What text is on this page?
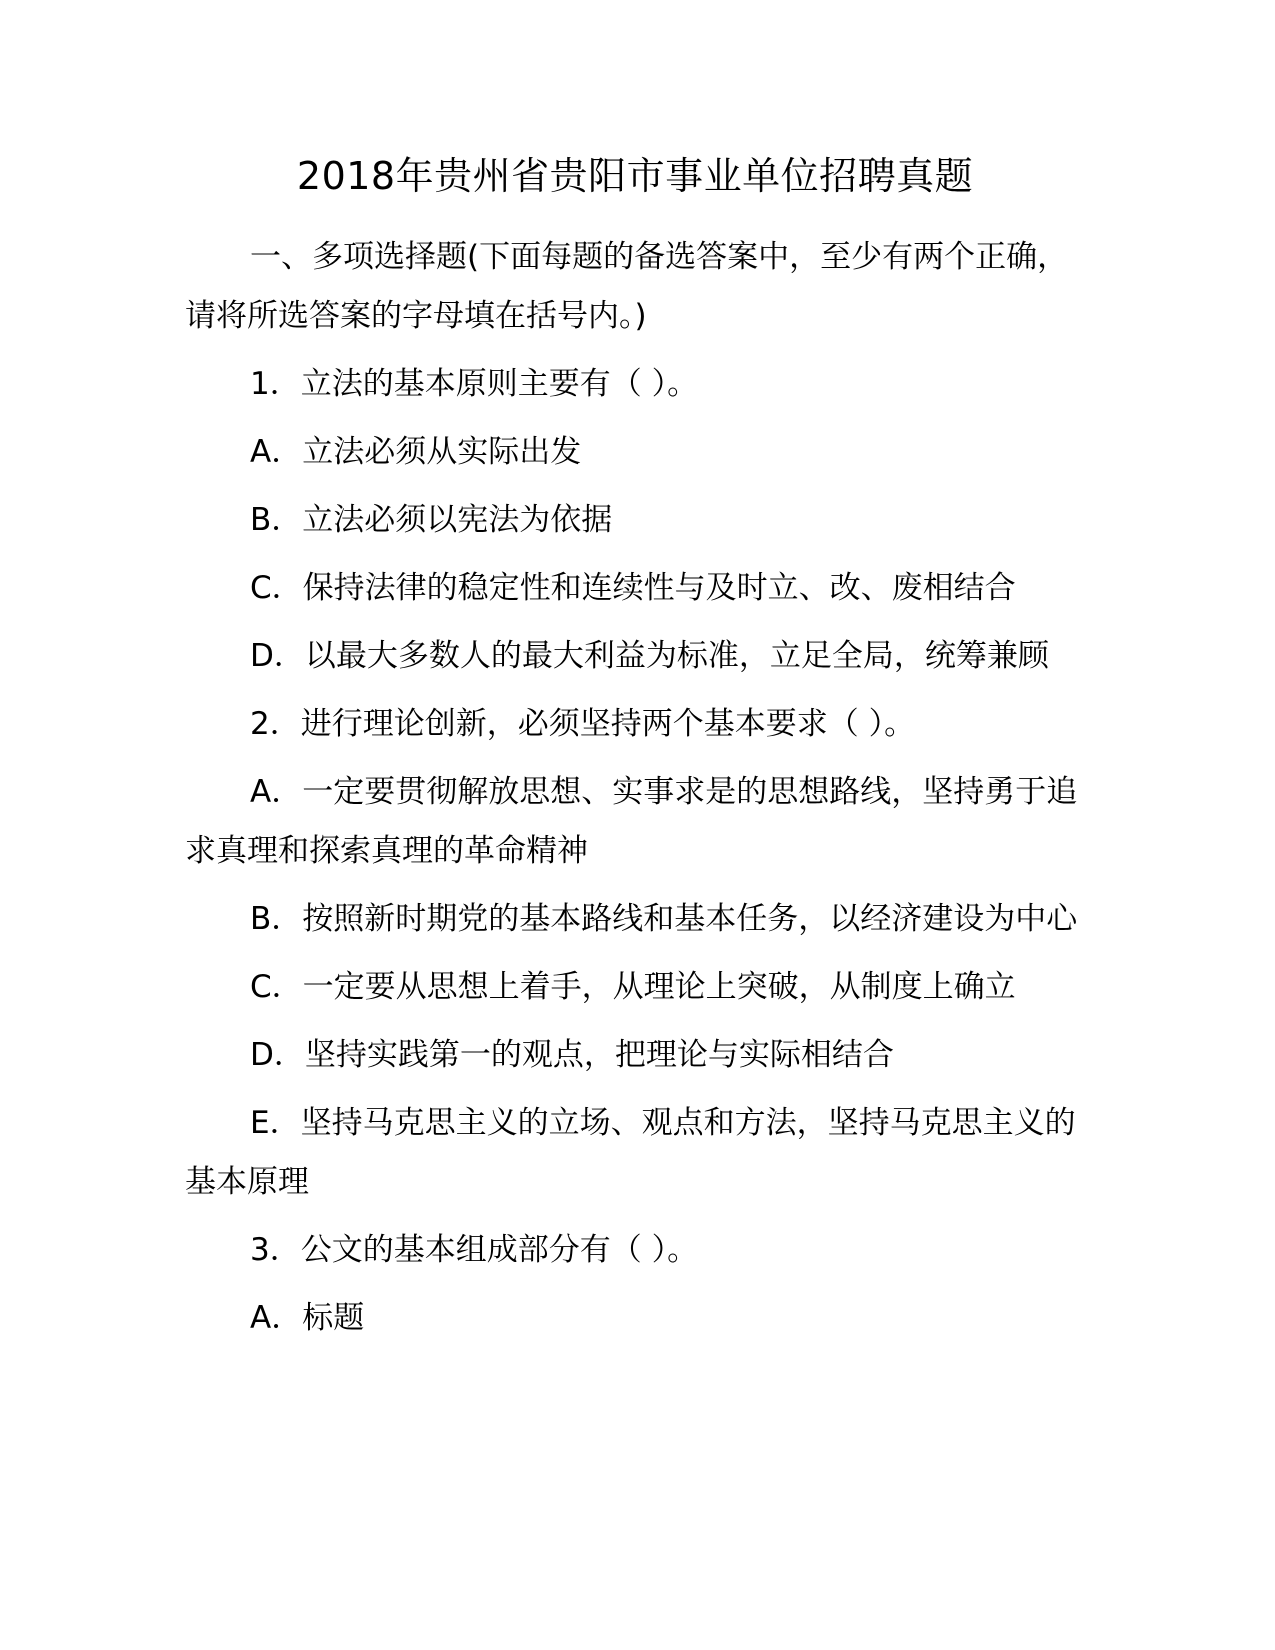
2018年贵州省贵阳市事业单位招聘真题

一、多项选择题(下面每题的备选答案中，至少有两个正确，请将所选答案的字母填在括号内。)

1．立法的基本原则主要有（ ）。

A．立法必须从实际出发

B．立法必须以宪法为依据

C．保持法律的稳定性和连续性与及时立、改、废相结合

D．以最大多数人的最大利益为标准，立足全局，统筹兼顾

2．进行理论创新，必须坚持两个基本要求（ ）。

A．一定要贯彻解放思想、实事求是的思想路线，坚持勇于追求真理和探索真理的革命精神

B．按照新时期党的基本路线和基本任务，以经济建设为中心

C．一定要从思想上着手，从理论上突破，从制度上确立

D．坚持实践第一的观点，把理论与实际相结合

E．坚持马克思主义的立场、观点和方法，坚持马克思主义的基本原理

3．公文的基本组成部分有（ ）。

A．标题
